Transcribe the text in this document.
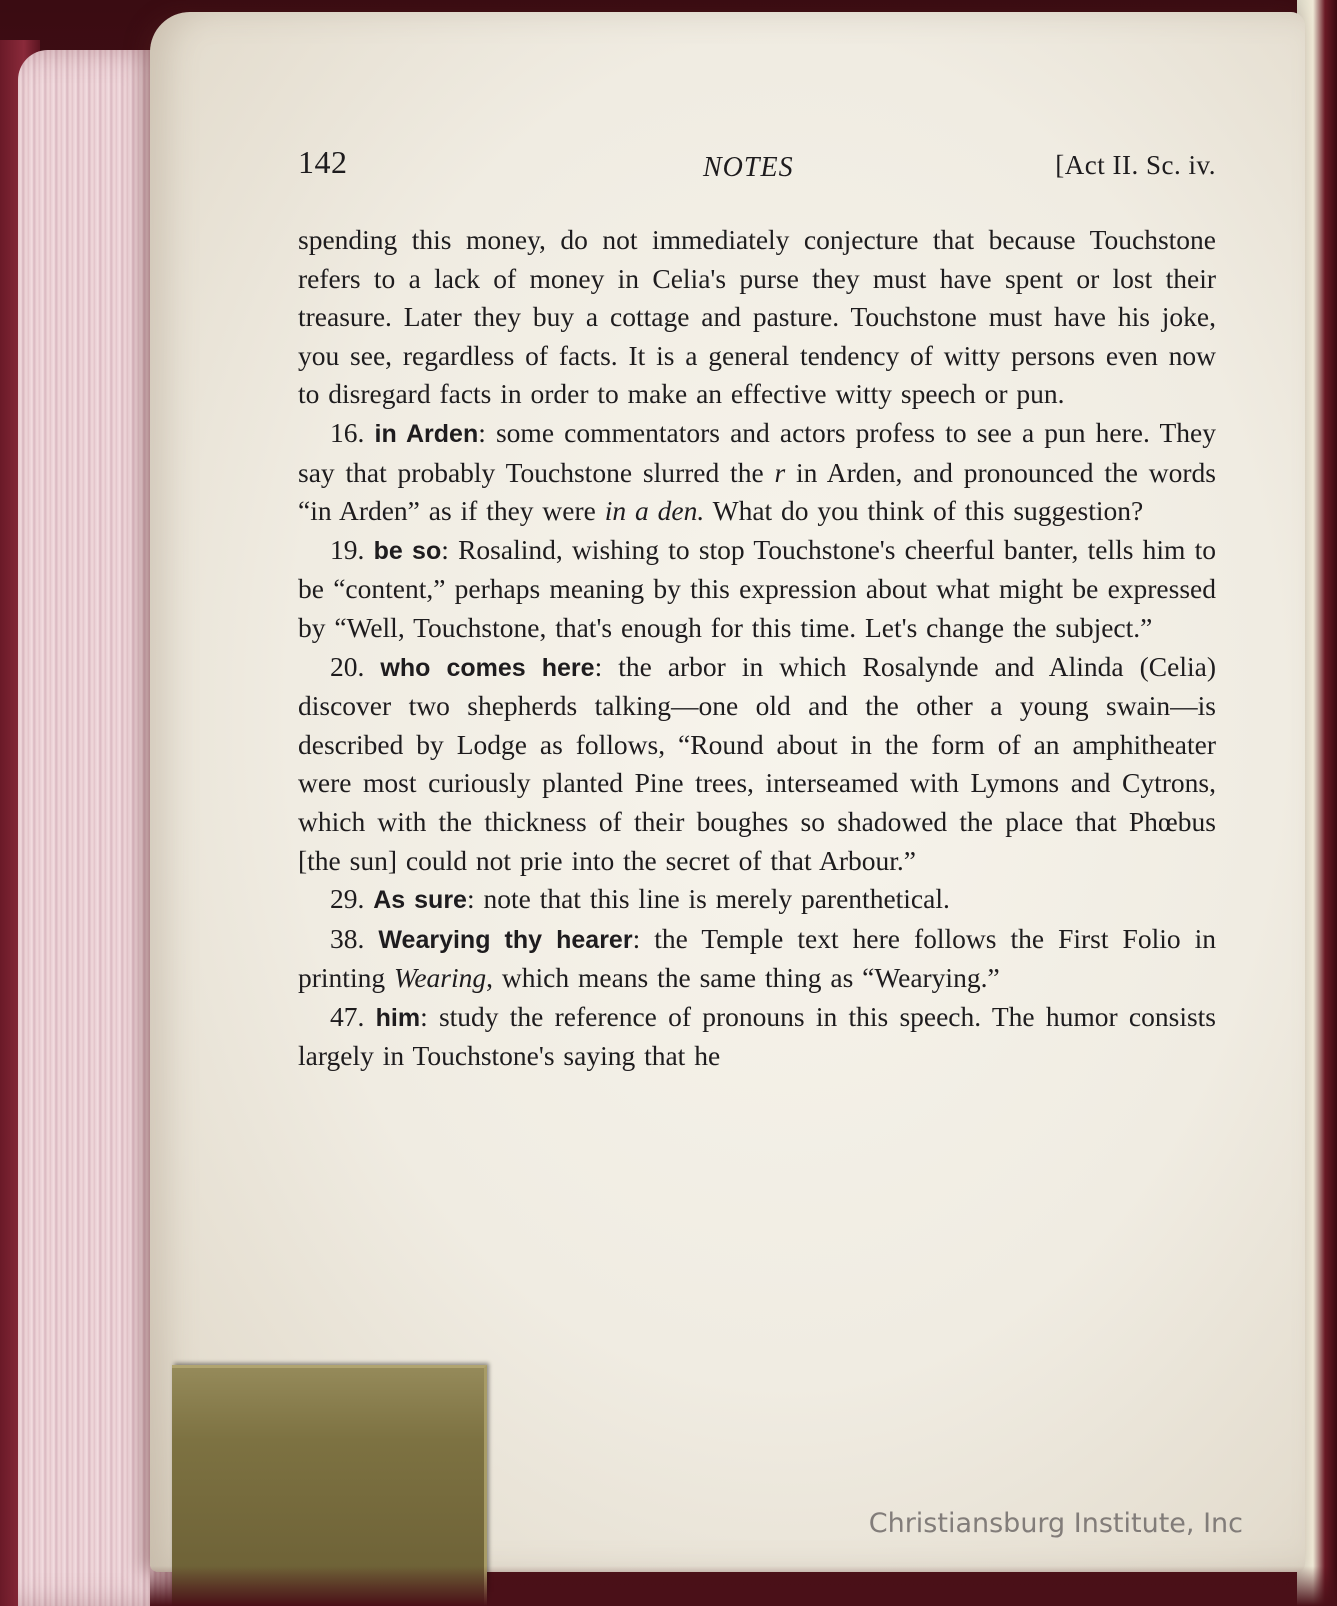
142	NOTES	[Act II. Sc. iv.

spending this money, do not immediately conjecture that because Touchstone refers to a lack of money in Celia's purse they must have spent or lost their treasure. Later they buy a cottage and pasture. Touchstone must have his joke, you see, regardless of facts. It is a general tendency of witty persons even now to disregard facts in order to make an effective witty speech or pun.

16. in Arden: some commentators and actors profess to see a pun here. They say that probably Touchstone slurred the r in Arden, and pronounced the words “in Arden” as if they were in a den. What do you think of this suggestion?

19. be so: Rosalind, wishing to stop Touchstone's cheerful banter, tells him to be “content,” perhaps meaning by this expression about what might be expressed by “Well, Touchstone, that's enough for this time. Let's change the subject.”

20. who comes here: the arbor in which Rosalynde and Alinda (Celia) discover two shepherds talking—one old and the other a young swain—is described by Lodge as follows, “Round about in the form of an amphitheater were most curiously planted Pine trees, interseamed with Lymons and Cytrons, which with the thickness of their boughes so shadowed the place that Phœbus [the sun] could not prie into the secret of that Arbour.”

29. As sure: note that this line is merely parenthetical.

38. Wearying thy hearer: the Temple text here follows the First Folio in printing Wearing, which means the same thing as “Wearying.”

47. him: study the reference of pronouns in this speech. The humor consists largely in Touchstone's saying that he

Christiansburg Institute, Inc
